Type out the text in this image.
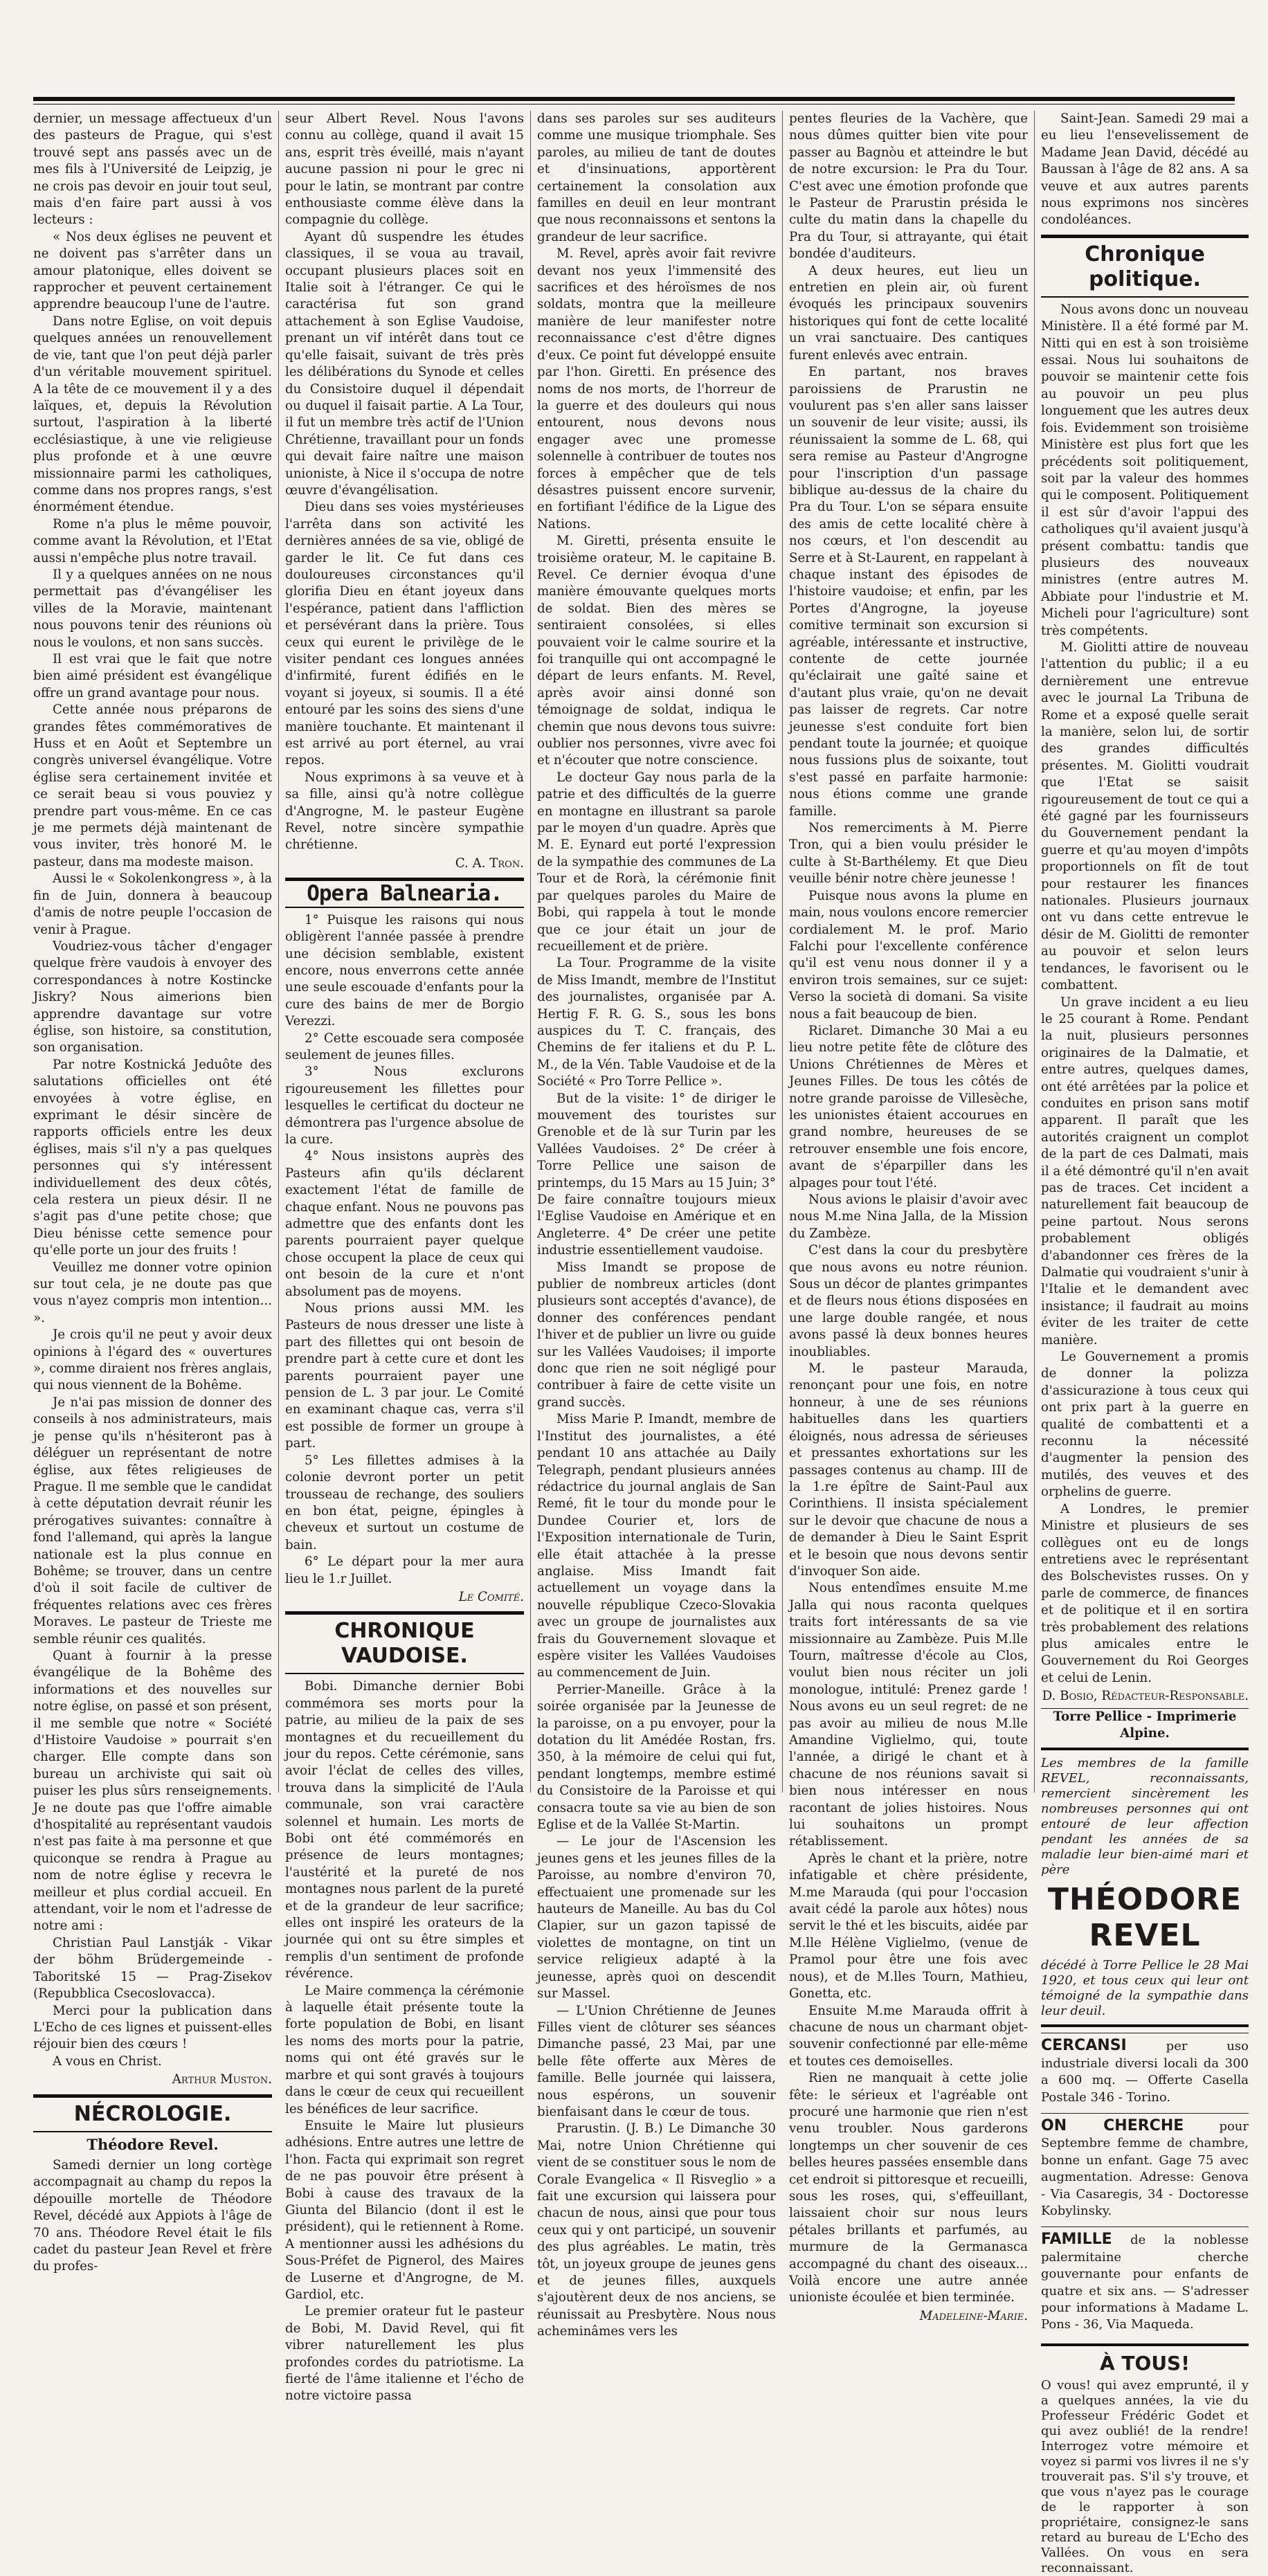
dernier, un message affectueux d'un des pasteurs de Prague, qui s'est trouvé sept ans passés avec un de mes fils à l'Université de Leipzig, je ne crois pas devoir en jouir tout seul, mais d'en faire part aussi à vos lecteurs :

« Nos deux églises ne peuvent et ne doivent pas s'arrêter dans un amour platonique, elles doivent se rapprocher et peuvent certainement apprendre beaucoup l'une de l'autre.

Dans notre Eglise, on voit depuis quelques années un renouvellement de vie, tant que l'on peut déjà parler d'un véritable mouvement spirituel. A la tête de ce mouvement il y a des laïques, et, depuis la Révolution surtout, l'aspiration à la liberté ecclésiastique, à une vie religieuse plus profonde et à une œuvre missionnaire parmi les catholiques, comme dans nos propres rangs, s'est énormément étendue.

Rome n'a plus le même pouvoir, comme avant la Révolution, et l'Etat aussi n'empêche plus notre travail.

Il y a quelques années on ne nous permettait pas d'évangéliser les villes de la Moravie, maintenant nous pouvons tenir des réunions où nous le voulons, et non sans succès.

Il est vrai que le fait que notre bien aimé président est évangélique offre un grand avantage pour nous.

Cette année nous préparons de grandes fêtes commémoratives de Huss et en Août et Septembre un congrès universel évangélique. Votre église sera certainement invitée et ce serait beau si vous pouviez y prendre part vous-même. En ce cas je me permets déjà maintenant de vous inviter, très honoré M. le pasteur, dans ma modeste maison.

Aussi le « Sokolenkongress », à la fin de Juin, donnera à beaucoup d'amis de notre peuple l'occasion de venir à Prague.

Voudriez-vous tâcher d'engager quelque frère vaudois à envoyer des correspondances à notre Kostincke Jiskry? Nous aimerions bien apprendre davantage sur votre église, son histoire, sa constitution, son organisation.

Par notre Kostnická Jeduôte des salutations officielles ont été envoyées à votre église, en exprimant le désir sincère de rapports officiels entre les deux églises, mais s'il n'y a pas quelques personnes qui s'y intéressent individuellement des deux côtés, cela restera un pieux désir. Il ne s'agit pas d'une petite chose; que Dieu bénisse cette semence pour qu'elle porte un jour des fruits !

Veuillez me donner votre opinion sur tout cela, je ne doute pas que vous n'ayez compris mon intention... ».

Je crois qu'il ne peut y avoir deux opinions à l'égard des « ouvertures », comme diraient nos frères anglais, qui nous viennent de la Bohême.

Je n'ai pas mission de donner des conseils à nos administrateurs, mais je pense qu'ils n'hésiteront pas à déléguer un représentant de notre église, aux fêtes religieuses de Prague. Il me semble que le candidat à cette députation devrait réunir les prérogatives suivantes: connaître à fond l'allemand, qui après la langue nationale est la plus connue en Bohême; se trouver, dans un centre d'où il soit facile de cultiver de fréquentes relations avec ces frères Moraves. Le pasteur de Trieste me semble réunir ces qualités.

Quant à fournir à la presse évangélique de la Bohême des informations et des nouvelles sur notre église, on passé et son présent, il me semble que notre « Société d'Histoire Vaudoise » pourrait s'en charger. Elle compte dans son bureau un archiviste qui sait où puiser les plus sûrs renseignements. Je ne doute pas que l'offre aimable d'hospitalité au représentant vaudois n'est pas faite à ma personne et que quiconque se rendra à Prague au nom de notre église y recevra le meilleur et plus cordial accueil. En attendant, voir le nom et l'adresse de notre ami :

Christian Paul Lanstják - Vikar der böhm Brüdergemeinde - Taboritské 15 — Prag-Zisekov (Repubblica Csecoslovacca).

Merci pour la publication dans L'Echo de ces lignes et puissent-elles réjouir bien des cœurs !

A vous en Christ.

Arthur Muston.
NÉCROLOGIE.
Théodore Revel.

Samedi dernier un long cortège accompagnait au champ du repos la dépouille mortelle de Théodore Revel, décédé aux Appiots à l'âge de 70 ans. Théodore Revel était le fils cadet du pasteur Jean Revel et frère du profes-

seur Albert Revel. Nous l'avons connu au collège, quand il avait 15 ans, esprit très éveillé, mais n'ayant aucune passion ni pour le grec ni pour le latin, se montrant par contre enthousiaste comme élève dans la compagnie du collège.

Ayant dû suspendre les études classiques, il se voua au travail, occupant plusieurs places soit en Italie soit à l'étranger. Ce qui le caractérisa fut son grand attachement à son Eglise Vaudoise, prenant un vif intérêt dans tout ce qu'elle faisait, suivant de très près les délibérations du Synode et celles du Consistoire duquel il dépendait ou duquel il faisait partie. A La Tour, il fut un membre très actif de l'Union Chrétienne, travaillant pour un fonds qui devait faire naître une maison unioniste, à Nice il s'occupa de notre œuvre d'évangélisation.

Dieu dans ses voies mystérieuses l'arrêta dans son activité les dernières années de sa vie, obligé de garder le lit. Ce fut dans ces douloureuses circonstances qu'il glorifia Dieu en étant joyeux dans l'espérance, patient dans l'affliction et persévérant dans la prière. Tous ceux qui eurent le privilège de le visiter pendant ces longues années d'infirmité, furent édifiés en le voyant si joyeux, si soumis. Il a été entouré par les soins des siens d'une manière touchante. Et maintenant il est arrivé au port éternel, au vrai repos.

Nous exprimons à sa veuve et à sa fille, ainsi qu'à notre collègue d'Angrogne, M. le pasteur Eugène Revel, notre sincère sympathie chrétienne.

C. A. Tron.
Opera Balnearia.

1° Puisque les raisons qui nous obligèrent l'année passée à prendre une décision semblable, existent encore, nous enverrons cette année une seule escouade d'enfants pour la cure des bains de mer de Borgio Verezzi.

2° Cette escouade sera composée seulement de jeunes filles.

3° Nous exclurons rigoureusement les fillettes pour lesquelles le certificat du docteur ne démontrera pas l'urgence absolue de la cure.

4° Nous insistons auprès des Pasteurs afin qu'ils déclarent exactement l'état de famille de chaque enfant. Nous ne pouvons pas admettre que des enfants dont les parents pourraient payer quelque chose occupent la place de ceux qui ont besoin de la cure et n'ont absolument pas de moyens.

Nous prions aussi MM. les Pasteurs de nous dresser une liste à part des fillettes qui ont besoin de prendre part à cette cure et dont les parents pourraient payer une pension de L. 3 par jour. Le Comité en examinant chaque cas, verra s'il est possible de former un groupe à part.

5° Les fillettes admises à la colonie devront porter un petit trousseau de rechange, des souliers en bon état, peigne, épingles à cheveux et surtout un costume de bain.

6° Le départ pour la mer aura lieu le 1.r Juillet.

Le Comité.
CHRONIQUE VAUDOISE.

Bobi. Dimanche dernier Bobi commémora ses morts pour la patrie, au milieu de la paix de ses montagnes et du recueillement du jour du repos. Cette cérémonie, sans avoir l'éclat de celles des villes, trouva dans la simplicité de l'Aula communale, son vrai caractère solennel et humain. Les morts de Bobi ont été commémorés en présence de leurs montagnes; l'austérité et la pureté de nos montagnes nous parlent de la pureté et de la grandeur de leur sacrifice; elles ont inspiré les orateurs de la journée qui ont su être simples et remplis d'un sentiment de profonde révérence.

Le Maire commença la cérémonie à laquelle était présente toute la forte population de Bobi, en lisant les noms des morts pour la patrie, noms qui ont été gravés sur le marbre et qui sont gravés à toujours dans le cœur de ceux qui recueillent les bénéfices de leur sacrifice.

Ensuite le Maire lut plusieurs adhésions. Entre autres une lettre de l'hon. Facta qui exprimait son regret de ne pas pouvoir être présent à Bobi à cause des travaux de la Giunta del Bilancio (dont il est le président), qui le retiennent à Rome. A mentionner aussi les adhésions du Sous-Préfet de Pignerol, des Maires de Luserne et d'Angrogne, de M. Gardiol, etc.

Le premier orateur fut le pasteur de Bobi, M. David Revel, qui fit vibrer naturellement les plus profondes cordes du patriotisme. La fierté de l'âme italienne et l'écho de notre victoire passa

dans ses paroles sur ses auditeurs comme une musique triomphale. Ses paroles, au milieu de tant de doutes et d'insinuations, apportèrent certainement la consolation aux familles en deuil en leur montrant que nous reconnaissons et sentons la grandeur de leur sacrifice.

M. Revel, après avoir fait revivre devant nos yeux l'immensité des sacrifices et des héroïsmes de nos soldats, montra que la meilleure manière de leur manifester notre reconnaissance c'est d'être dignes d'eux. Ce point fut développé ensuite par l'hon. Giretti. En présence des noms de nos morts, de l'horreur de la guerre et des douleurs qui nous entourent, nous devons nous engager avec une promesse solennelle à contribuer de toutes nos forces à empêcher que de tels désastres puissent encore survenir, en fortifiant l'édifice de la Ligue des Nations.

M. Giretti, présenta ensuite le troisième orateur, M. le capitaine B. Revel. Ce dernier évoqua d'une manière émouvante quelques morts de soldat. Bien des mères se sentiraient consolées, si elles pouvaient voir le calme sourire et la foi tranquille qui ont accompagné le départ de leurs enfants. M. Revel, après avoir ainsi donné son témoignage de soldat, indiqua le chemin que nous devons tous suivre: oublier nos personnes, vivre avec foi et n'écouter que notre conscience.

Le docteur Gay nous parla de la patrie et des difficultés de la guerre en montagne en illustrant sa parole par le moyen d'un quadre. Après que M. E. Eynard eut porté l'expression de la sympathie des communes de La Tour et de Rorà, la cérémonie finit par quelques paroles du Maire de Bobi, qui rappela à tout le monde que ce jour était un jour de recueillement et de prière.

La Tour. Programme de la visite de Miss Imandt, membre de l'Institut des journalistes, organisée par A. Hertig F. R. G. S., sous les bons auspices du T. C. français, des Chemins de fer italiens et du P. L. M., de la Vén. Table Vaudoise et de la Société « Pro Torre Pellice ».

But de la visite: 1° de diriger le mouvement des touristes sur Grenoble et de là sur Turin par les Vallées Vaudoises. 2° De créer à Torre Pellice une saison de printemps, du 15 Mars au 15 Juin; 3° De faire connaître toujours mieux l'Eglise Vaudoise en Amérique et en Angleterre. 4° De créer une petite industrie essentiellement vaudoise.

Miss Imandt se propose de publier de nombreux articles (dont plusieurs sont acceptés d'avance), de donner des conférences pendant l'hiver et de publier un livre ou guide sur les Vallées Vaudoises; il importe donc que rien ne soit négligé pour contribuer à faire de cette visite un grand succès.

Miss Marie P. Imandt, membre de l'Institut des journalistes, a été pendant 10 ans attachée au Daily Telegraph, pendant plusieurs années rédactrice du journal anglais de San Remé, fit le tour du monde pour le Dundee Courier et, lors de l'Exposition internationale de Turin, elle était attachée à la presse anglaise. Miss Imandt fait actuellement un voyage dans la nouvelle république Czeco-Slovakia avec un groupe de journalistes aux frais du Gouvernement slovaque et espère visiter les Vallées Vaudoises au commencement de Juin.

Perrier-Maneille. Grâce à la soirée organisée par la Jeunesse de la paroisse, on a pu envoyer, pour la dotation du lit Amédée Rostan, frs. 350, à la mémoire de celui qui fut, pendant longtemps, membre estimé du Consistoire de la Paroisse et qui consacra toute sa vie au bien de son Eglise et de la Vallée St-Martin.

— Le jour de l'Ascension les jeunes gens et les jeunes filles de la Paroisse, au nombre d'environ 70, effectuaient une promenade sur les hauteurs de Maneille. Au bas du Col Clapier, sur un gazon tapissé de violettes de montagne, on tint un service religieux adapté à la jeunesse, après quoi on descendit sur Massel.

— L'Union Chrétienne de Jeunes Filles vient de clôturer ses séances Dimanche passé, 23 Mai, par une belle fête offerte aux Mères de famille. Belle journée qui laissera, nous espérons, un souvenir bienfaisant dans le cœur de tous.

Prarustin. (J. B.) Le Dimanche 30 Mai, notre Union Chrétienne qui vient de se constituer sous le nom de Corale Evangelica « Il Risveglio » a fait une excursion qui laissera pour chacun de nous, ainsi que pour tous ceux qui y ont participé, un souvenir des plus agréables. Le matin, très tôt, un joyeux groupe de jeunes gens et de jeunes filles, auxquels s'ajoutèrent deux de nos anciens, se réunissait au Presbytère. Nous nous acheminâmes vers les

pentes fleuries de la Vachère, que nous dûmes quitter bien vite pour passer au Bagnòu et atteindre le but de notre excursion: le Pra du Tour. C'est avec une émotion profonde que le Pasteur de Prarustin présida le culte du matin dans la chapelle du Pra du Tour, si attrayante, qui était bondée d'auditeurs.

A deux heures, eut lieu un entretien en plein air, où furent évoqués les principaux souvenirs historiques qui font de cette localité un vrai sanctuaire. Des cantiques furent enlevés avec entrain.

En partant, nos braves paroissiens de Prarustin ne voulurent pas s'en aller sans laisser un souvenir de leur visite; aussi, ils réunissaient la somme de L. 68, qui sera remise au Pasteur d'Angrogne pour l'inscription d'un passage biblique au-dessus de la chaire du Pra du Tour. L'on se sépara ensuite des amis de cette localité chère à nos cœurs, et l'on descendit au Serre et à St-Laurent, en rappelant à chaque instant des épisodes de l'histoire vaudoise; et enfin, par les Portes d'Angrogne, la joyeuse comitive terminait son excursion si agréable, intéressante et instructive, contente de cette journée qu'éclairait une gaîté saine et d'autant plus vraie, qu'on ne devait pas laisser de regrets. Car notre jeunesse s'est conduite fort bien pendant toute la journée; et quoique nous fussions plus de soixante, tout s'est passé en parfaite harmonie: nous étions comme une grande famille.

Nos remerciments à M. Pierre Tron, qui a bien voulu présider le culte à St-Barthélemy. Et que Dieu veuille bénir notre chère jeunesse !

Puisque nous avons la plume en main, nous voulons encore remercier cordialement M. le prof. Mario Falchi pour l'excellente conférence qu'il est venu nous donner il y a environ trois semaines, sur ce sujet: Verso la società di domani. Sa visite nous a fait beaucoup de bien.

Riclaret. Dimanche 30 Mai a eu lieu notre petite fête de clôture des Unions Chrétiennes de Mères et Jeunes Filles. De tous les côtés de notre grande paroisse de Villesèche, les unionistes étaient accourues en grand nombre, heureuses de se retrouver ensemble une fois encore, avant de s'éparpiller dans les alpages pour tout l'été.

Nous avions le plaisir d'avoir avec nous M.me Nina Jalla, de la Mission du Zambèze.

C'est dans la cour du presbytère que nous avons eu notre réunion. Sous un décor de plantes grimpantes et de fleurs nous étions disposées en une large double rangée, et nous avons passé là deux bonnes heures inoubliables.

M. le pasteur Marauda, renonçant pour une fois, en notre honneur, à une de ses réunions habituelles dans les quartiers éloignés, nous adressa de sérieuses et pressantes exhortations sur les passages contenus au champ. III de la 1.re épître de Saint-Paul aux Corinthiens. Il insista spécialement sur le devoir que chacune de nous a de demander à Dieu le Saint Esprit et le besoin que nous devons sentir d'invoquer Son aide.

Nous entendîmes ensuite M.me Jalla qui nous raconta quelques traits fort intéressants de sa vie missionnaire au Zambèze. Puis M.lle Tourn, maîtresse d'école au Clos, voulut bien nous réciter un joli monologue, intitulé: Prenez garde ! Nous avons eu un seul regret: de ne pas avoir au milieu de nous M.lle Amandine Viglielmo, qui, toute l'année, a dirigé le chant et à chacune de nos réunions savait si bien nous intéresser en nous racontant de jolies histoires. Nous lui souhaitons un prompt rétablissement.

Après le chant et la prière, notre infatigable et chère présidente, M.me Marauda (qui pour l'occasion avait cédé la parole aux hôtes) nous servit le thé et les biscuits, aidée par M.lle Hélène Viglielmo, (venue de Pramol pour être une fois avec nous), et de M.lles Tourn, Mathieu, Gonetta, etc.

Ensuite M.me Marauda offrit à chacune de nous un charmant objet-souvenir confectionné par elle-même et toutes ces demoiselles.

Rien ne manquait à cette jolie fête: le sérieux et l'agréable ont procuré une harmonie que rien n'est venu troubler. Nous garderons longtemps un cher souvenir de ces belles heures passées ensemble dans cet endroit si pittoresque et recueilli, sous les roses, qui, s'effeuillant, laissaient choir sur nous leurs pétales brillants et parfumés, au murmure de la Germanasca accompagné du chant des oiseaux... Voilà encore une autre année unioniste écoulée et bien terminée.

Madeleine-Marie.

Saint-Jean. Samedi 29 mai a eu lieu l'ensevelissement de Madame Jean David, décédé au Baussan à l'âge de 82 ans. A sa veuve et aux autres parents nous exprimons nos sincères condoléances.

Chronique politique.

Nous avons donc un nouveau Ministère. Il a été formé par M. Nitti qui en est à son troisième essai. Nous lui souhaitons de pouvoir se maintenir cette fois au pouvoir un peu plus longuement que les autres deux fois. Evidemment son troisième Ministère est plus fort que les précédents soit politiquement, soit par la valeur des hommes qui le composent. Politiquement il est sûr d'avoir l'appui des catholiques qu'il avaient jusqu'à présent combattu: tandis que plusieurs des nouveaux ministres (entre autres M. Abbiate pour l'industrie et M. Micheli pour l'agriculture) sont très compétents.

M. Giolitti attire de nouveau l'attention du public; il a eu dernièrement une entrevue avec le journal La Tribuna de Rome et a exposé quelle serait la manière, selon lui, de sortir des grandes difficultés présentes. M. Giolitti voudrait que l'Etat se saisit rigoureusement de tout ce qui a été gagné par les fournisseurs du Gouvernement pendant la guerre et qu'au moyen d'impôts proportionnels on fît de tout pour restaurer les finances nationales. Plusieurs journaux ont vu dans cette entrevue le désir de M. Giolitti de remonter au pouvoir et selon leurs tendances, le favorisent ou le combattent.

Un grave incident a eu lieu le 25 courant à Rome. Pendant la nuit, plusieurs personnes originaires de la Dalmatie, et entre autres, quelques dames, ont été arrêtées par la police et conduites en prison sans motif apparent. Il paraît que les autorités craignent un complot de la part de ces Dalmati, mais il a été démontré qu'il n'en avait pas de traces. Cet incident a naturellement fait beaucoup de peine partout. Nous serons probablement obligés d'abandonner ces frères de la Dalmatie qui voudraient s'unir à l'Italie et le demandent avec insistance; il faudrait au moins éviter de les traiter de cette manière.

Le Gouvernement a promis de donner la polizza d'assicurazione à tous ceux qui ont prix part à la guerre en qualité de combattenti et a reconnu la nécessité d'augmenter la pension des mutilés, des veuves et des orphelins de guerre.

A Londres, le premier Ministre et plusieurs de ses collègues ont eu de longs entretiens avec le représentant des Bolschevistes russes. On y parle de commerce, de finances et de politique et il en sortira très probablement des relations plus amicales entre le Gouvernement du Roi Georges et celui de Lenin.

D. Bosio, Rédacteur-Responsable.
Torre Pellice - Imprimerie Alpine.
Les membres de la famille REVEL, reconnaissants, remercient sincèrement les nombreuses personnes qui ont entouré de leur affection pendant les années de sa maladie leur bien-aimé mari et père
THÉODORE REVEL
décédé à Torre Pellice le 28 Mai 1920, et tous ceux qui leur ont témoigné de la sympathie dans leur deuil.
CERCANSI	per uso industriale diversi locali da 300 a 600 mq. — Offerte Casella Postale 346 - Torino.
ON CHERCHE	pour Septembre femme de chambre, bonne un enfant. Gage 75 avec augmentation. Adresse: Genova - Via Casaregis, 34 - Doctoresse Kobylinsky.
FAMILLE de la noblesse palermitaine cherche gouvernante pour enfants de quatre et six ans. — S'adresser pour informations à Madame L. Pons - 36, Via Maqueda.
À TOUS!
O vous! qui avez emprunté, il y a quelques années, la vie du Professeur Frédéric Godet et qui avez oublié! de la rendre! Interrogez votre mémoire et voyez si parmi vos livres il ne s'y trouverait pas. S'il s'y trouve, et que vous n'ayez pas le courage de le rapporter à son propriétaire, consignez-le sans retard au bureau de L'Echo des Vallées. On vous en sera reconnaissant.
